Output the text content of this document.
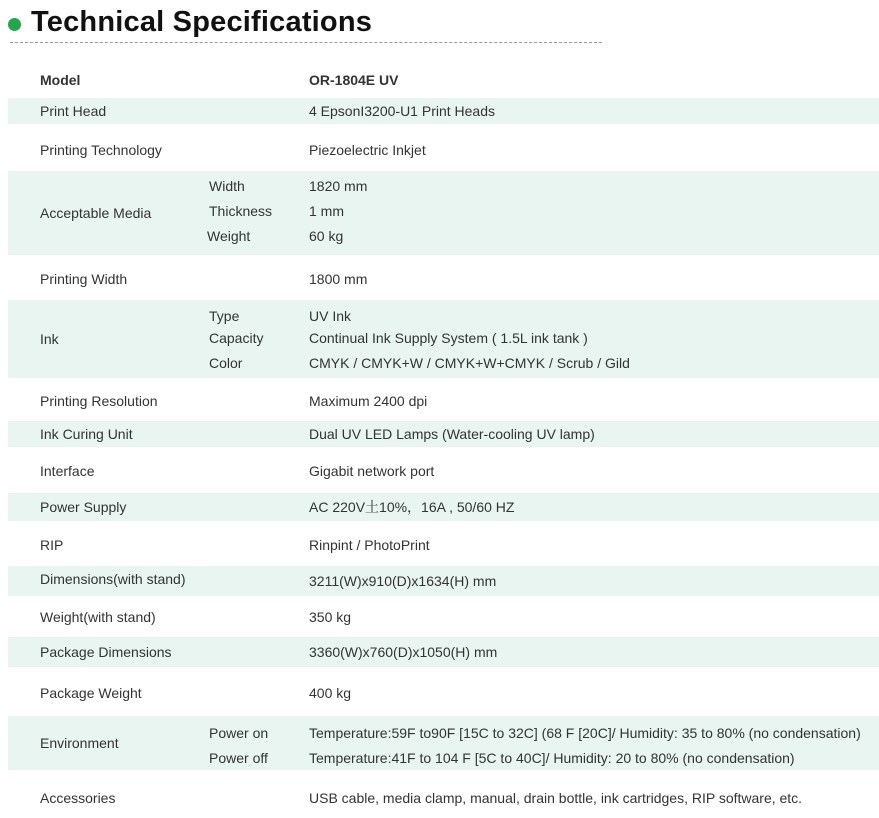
Technical Specifications
Model	OR-1804E UV
Print Head	4 EpsonI3200-U1 Print Heads
Printing Technology	Piezoelectric Inkjet
Acceptable Media
Width	1820 mm
Thickness	1 mm
Weight	60 kg
Printing Width	1800 mm
Ink
Type	UV Ink
Capacity	Continual Ink Supply System ( 1.5L ink tank )
Color	CMYK / CMYK+W / CMYK+W+CMYK / Scrub / Gild
Printing Resolution	Maximum 2400 dpi
Ink Curing Unit	Dual UV LED Lamps (Water-cooling UV lamp)
Interface	Gigabit network port
Power Supply	AC 220V土10%，16A , 50/60 HZ
RIP	Rinpint / PhotoPrint
Dimensions(with stand)	3211(W)x910(D)x1634(H) mm
Weight(with stand)	350 kg
Package Dimensions	3360(W)x760(D)x1050(H) mm
Package Weight	400 kg
Environment
Power on	Temperature:59F to90F [15C to 32C] (68 F [20C]/ Humidity: 35 to 80% (no condensation)
Power off	Temperature:41F to 104 F [5C to 40C]/ Humidity: 20 to 80% (no condensation)
Accessories	USB cable, media clamp, manual, drain bottle, ink cartridges, RIP software, etc.
